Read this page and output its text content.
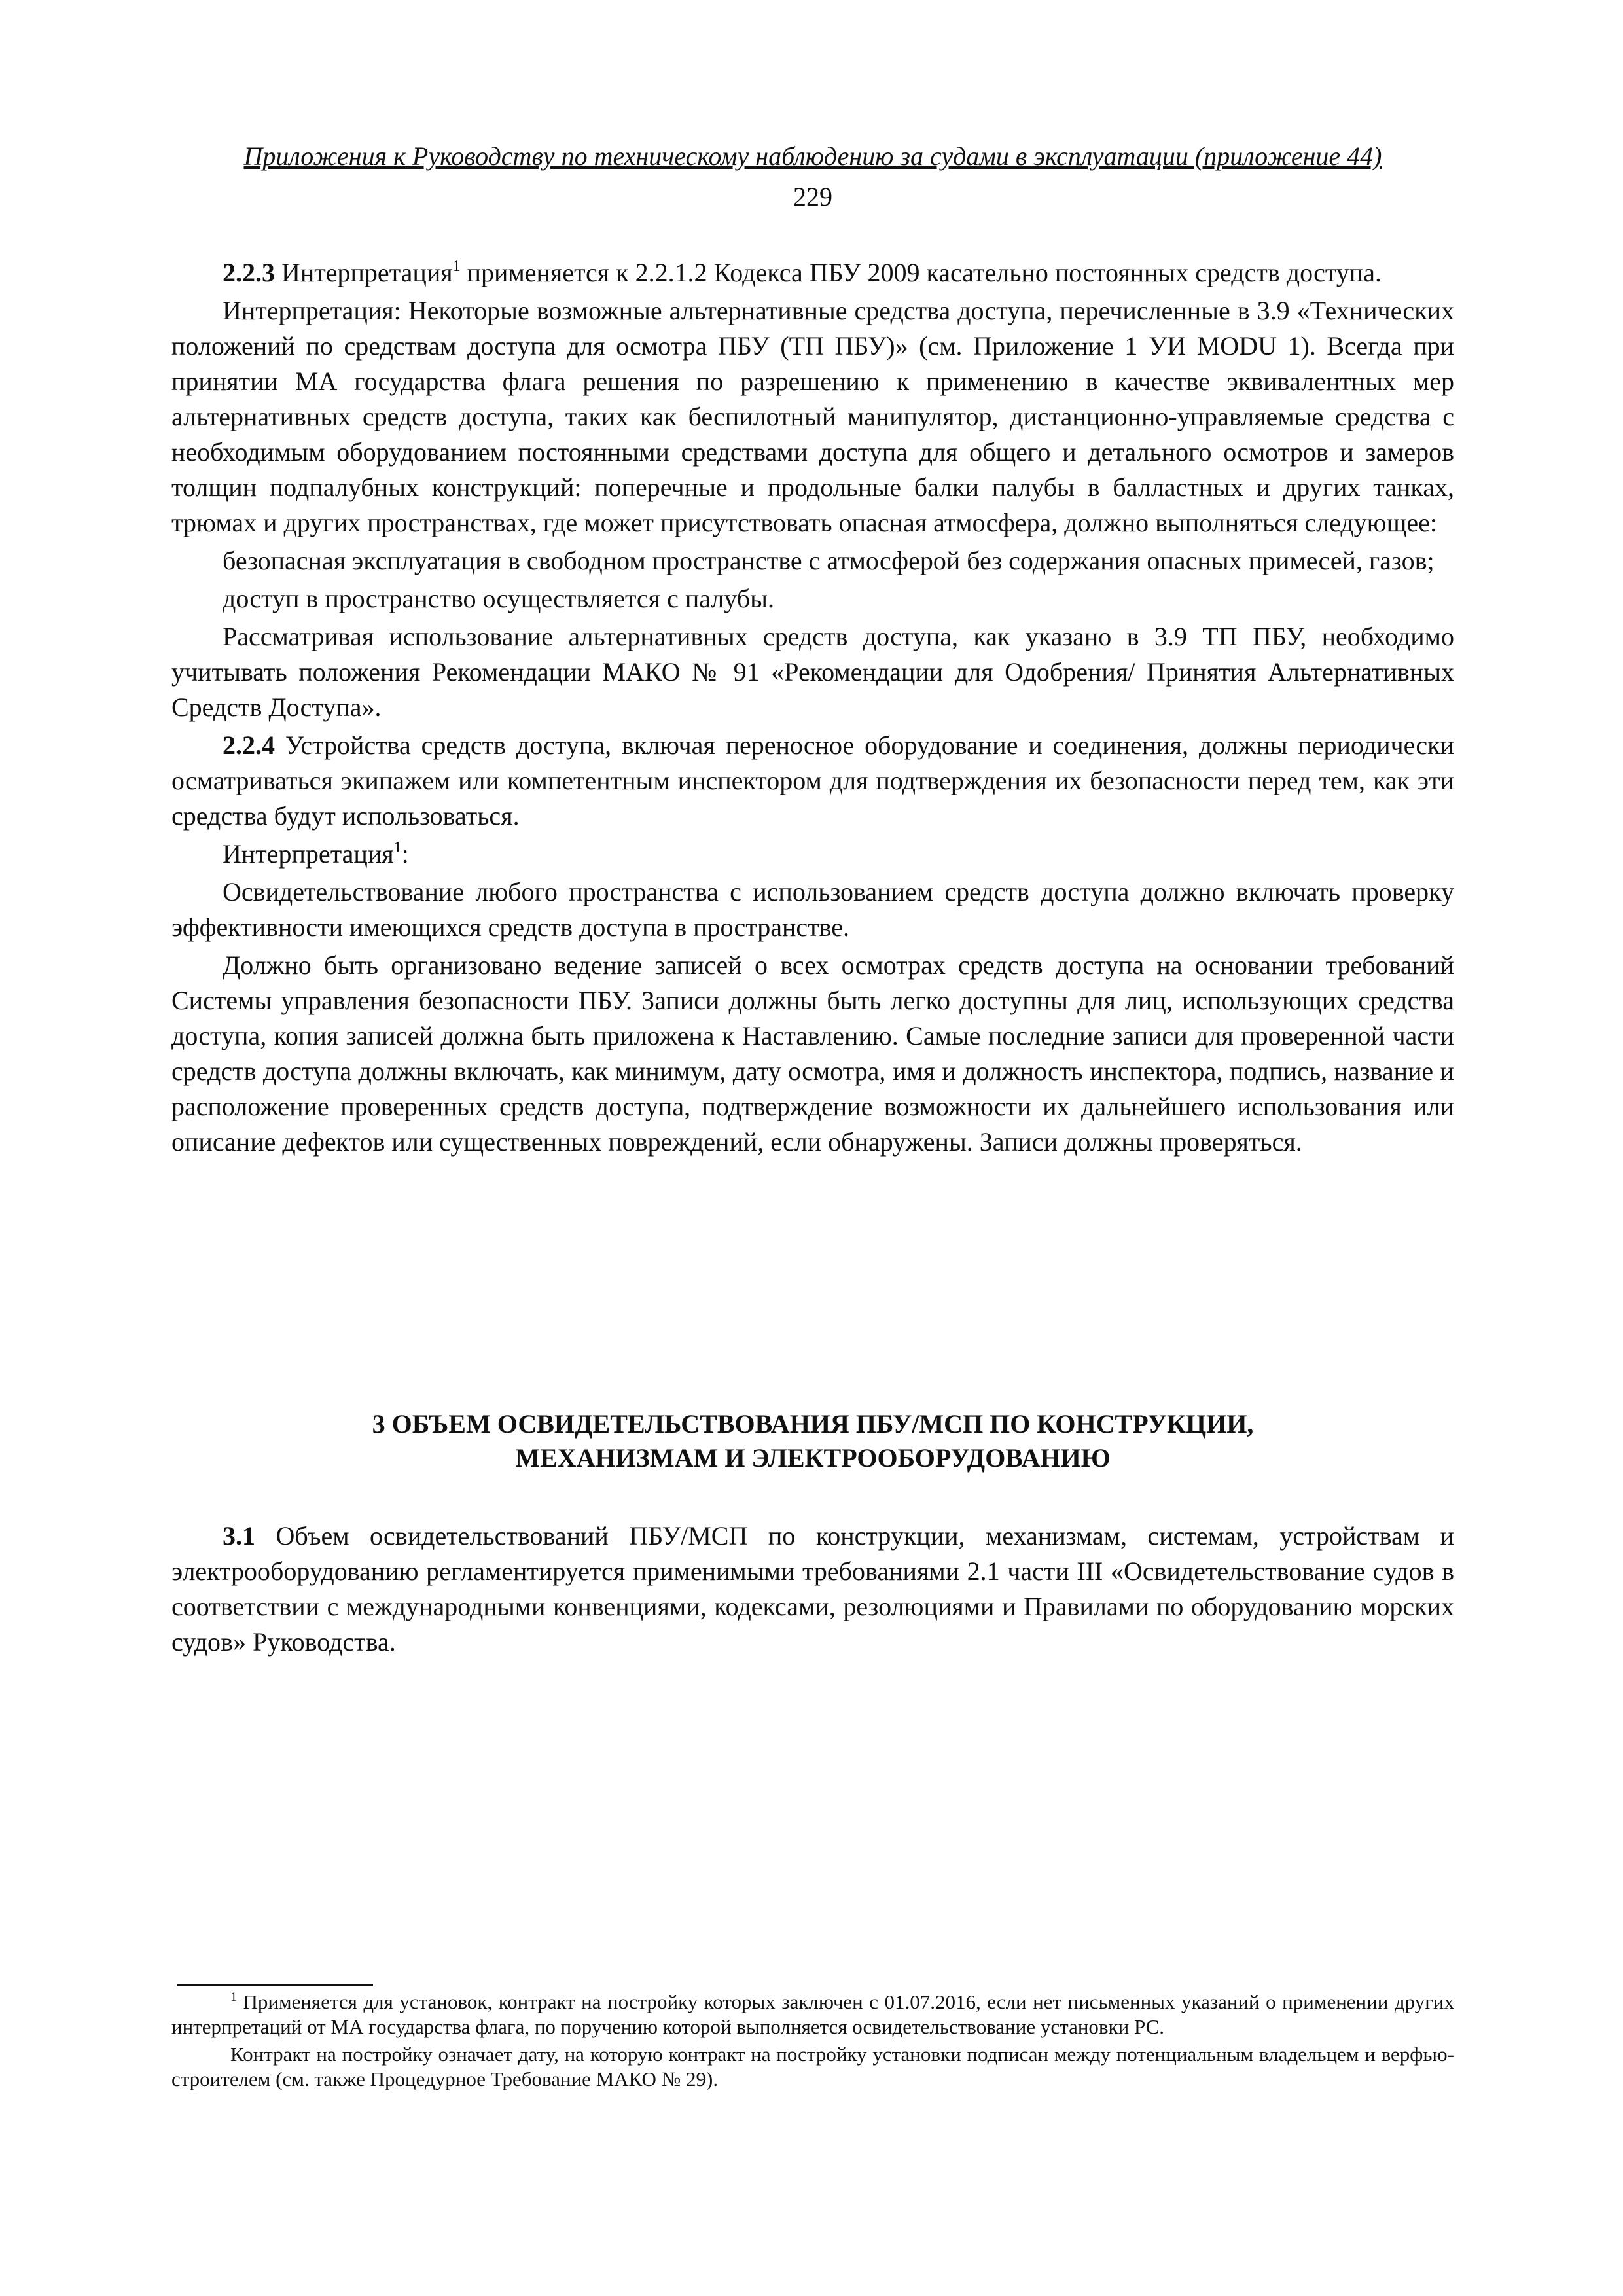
Приложения к Руководству по техническому наблюдению за судами в эксплуатации (приложение 44)
229

2.2.3 Интерпретация$^1$ применяется к 2.2.1.2 Кодекса ПБУ 2009 касательно постоянных средств доступа.

Интерпретация: Некоторые возможные альтернативные средства доступа, перечисленные в 3.9 «Технических положений по средствам доступа для осмотра ПБУ (ТП ПБУ)» (см. Приложение 1 УИ MODU 1). Всегда при принятии МА государства флага решения по разрешению к применению в качестве эквивалентных мер альтернативных средств доступа, таких как беспилотный манипулятор, дистанционно-управляемые средства с необходимым оборудованием постоянными средствами доступа для общего и детального осмотров и замеров толщин подпалубных конструкций: поперечные и продольные балки палубы в балластных и других танках, трюмах и других пространствах, где может присутствовать опасная атмосфера, должно выполняться следующее:

безопасная эксплуатация в свободном пространстве с атмосферой без содержания опасных примесей, газов;

доступ в пространство осуществляется с палубы.

Рассматривая использование альтернативных средств доступа, как указано в 3.9 ТП ПБУ, необходимо учитывать положения Рекомендации МАКО № 91 «Рекомендации для Одобрения/ Принятия Альтернативных Средств Доступа».

2.2.4 Устройства средств доступа, включая переносное оборудование и соединения, должны периодически осматриваться экипажем или компетентным инспектором для подтверждения их безопасности перед тем, как эти средства будут использоваться.

Интерпретация$^1$:

Освидетельствование любого пространства с использованием средств доступа должно включать проверку эффективности имеющихся средств доступа в пространстве.

Должно быть организовано ведение записей о всех осмотрах средств доступа на основании требований Системы управления безопасности ПБУ. Записи должны быть легко доступны для лиц, использующих средства доступа, копия записей должна быть приложена к Наставлению. Самые последние записи для проверенной части средств доступа должны включать, как минимум, дату осмотра, имя и должность инспектора, подпись, название и расположение проверенных средств доступа, подтверждение возможности их дальнейшего использования или описание дефектов или существенных повреждений, если обнаружены. Записи должны проверяться.

3 ОБЪЕМ ОСВИДЕТЕЛЬСТВОВАНИЯ ПБУ/МСП ПО КОНСТРУКЦИИ,
МЕХАНИЗМАМ И ЭЛЕКТРООБОРУДОВАНИЮ

3.1 Объем освидетельствований ПБУ/МСП по конструкции, механизмам, системам, устройствам и электрооборудованию регламентируется применимыми требованиями 2.1 части III «Освидетельствование судов в соответствии с международными конвенциями, кодексами, резолюциями и Правилами по оборудованию морских судов» Руководства.

$^1$ Применяется для установок, контракт на постройку которых заключен с 01.07.2016, если нет письменных указаний о применении других интерпретаций от МА государства флага, по поручению которой выполняется освидетельствование установки РС.

Контракт на постройку означает дату, на которую контракт на постройку установки подписан между потенциальным владельцем и верфью-строителем (см. также Процедурное Требование МАКО № 29).
